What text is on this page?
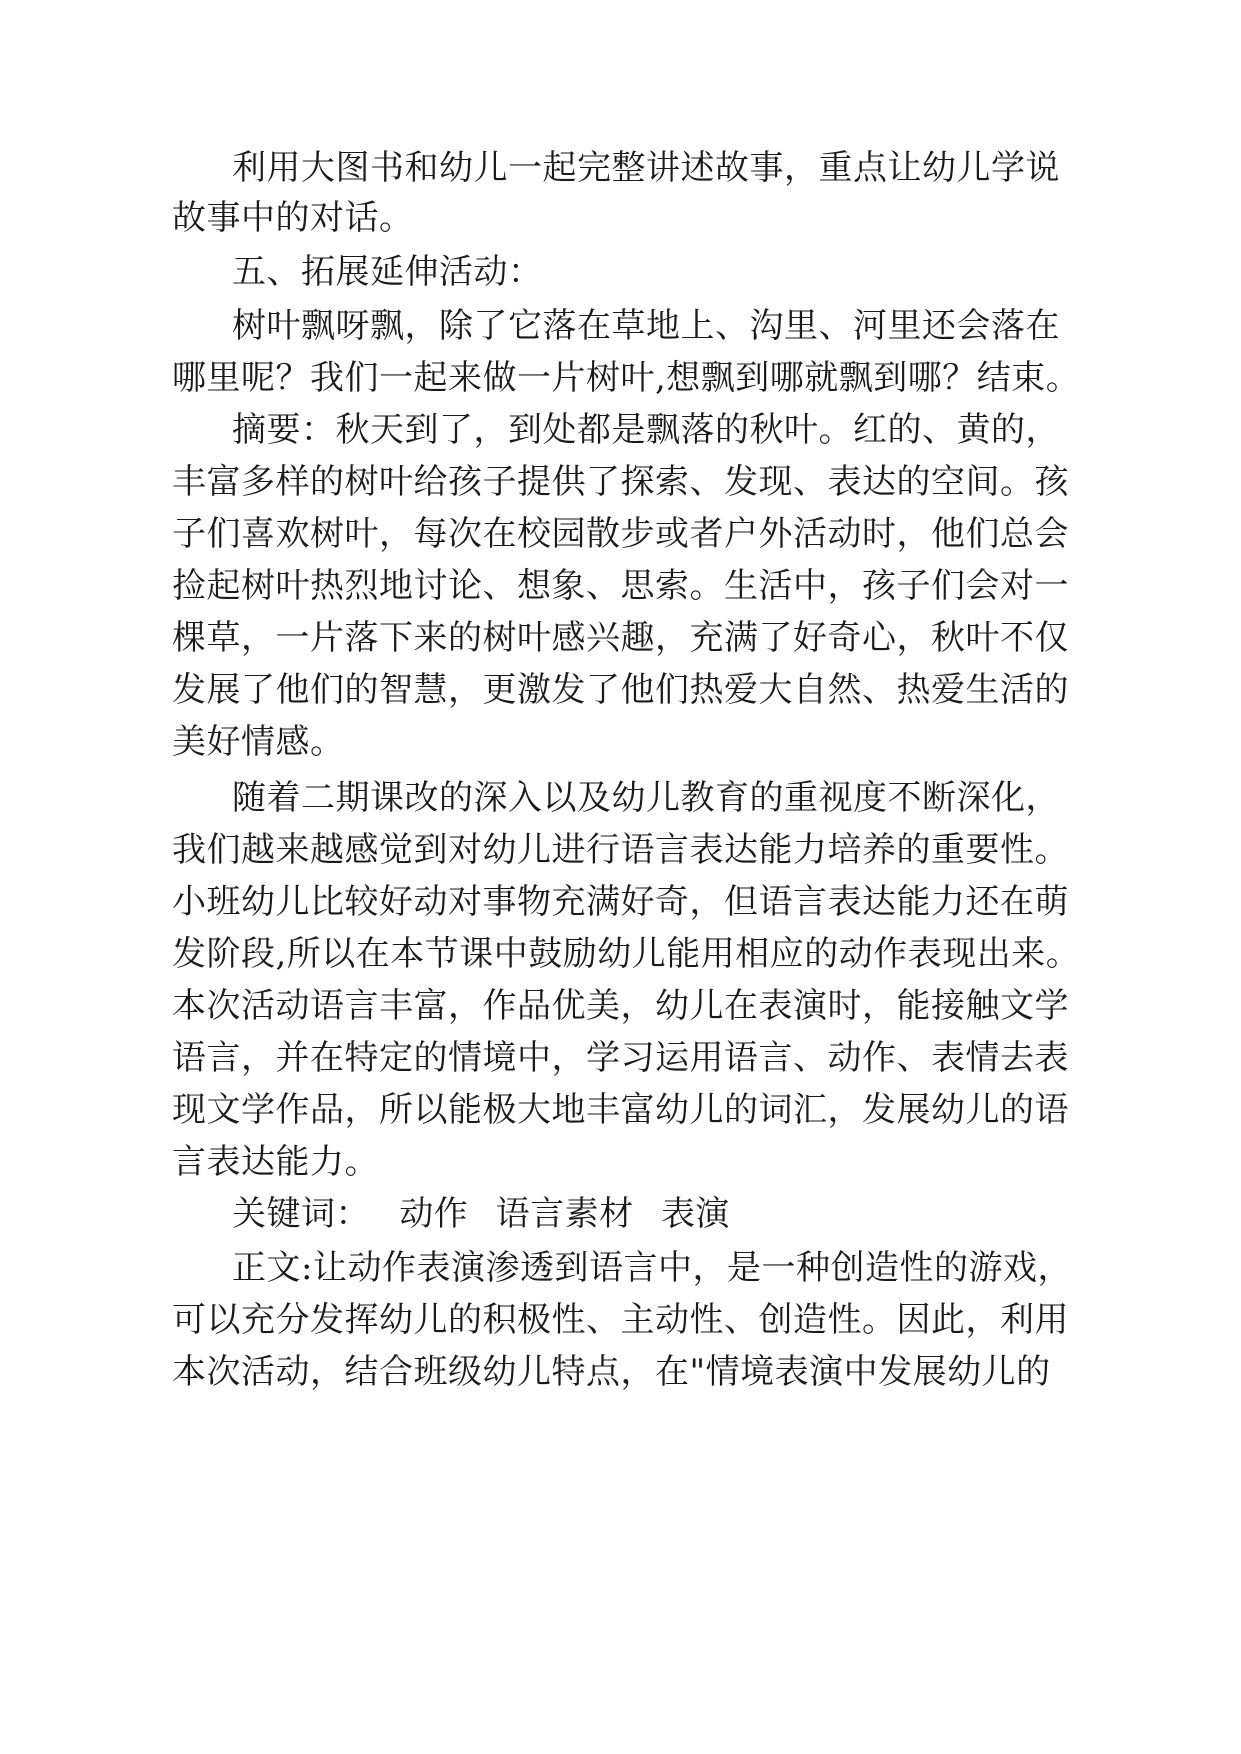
利用大图书和幼儿一起完整讲述故事，重点让幼儿学说
故事中的对话。
五、拓展延伸活动：
树叶飘呀飘，除了它落在草地上、沟里、河里还会落在
哪里呢？我们一起来做一片树叶,想飘到哪就飘到哪？结束。
摘要：秋天到了，到处都是飘落的秋叶。红的、黄的，
丰富多样的树叶给孩子提供了探索、发现、表达的空间。孩
子们喜欢树叶，每次在校园散步或者户外活动时，他们总会
捡起树叶热烈地讨论、想象、思索。生活中，孩子们会对一
棵草，一片落下来的树叶感兴趣，充满了好奇心，秋叶不仅
发展了他们的智慧，更激发了他们热爱大自然、热爱生活的
美好情感。
随着二期课改的深入以及幼儿教育的重视度不断深化，
我们越来越感觉到对幼儿进行语言表达能力培养的重要性。
小班幼儿比较好动对事物充满好奇，但语言表达能力还在萌
发阶段,所以在本节课中鼓励幼儿能用相应的动作表现出来。
本次活动语言丰富，作品优美，幼儿在表演时，能接触文学
语言，并在特定的情境中，学习运用语言、动作、表情去表
现文学作品，所以能极大地丰富幼儿的词汇，发展幼儿的语
言表达能力。
关键词： 动作 语言素材 表演
正文:让动作表演渗透到语言中，是一种创造性的游戏，
可以充分发挥幼儿的积极性、主动性、创造性。因此，利用
本次活动，结合班级幼儿特点，在"情境表演中发展幼儿的
